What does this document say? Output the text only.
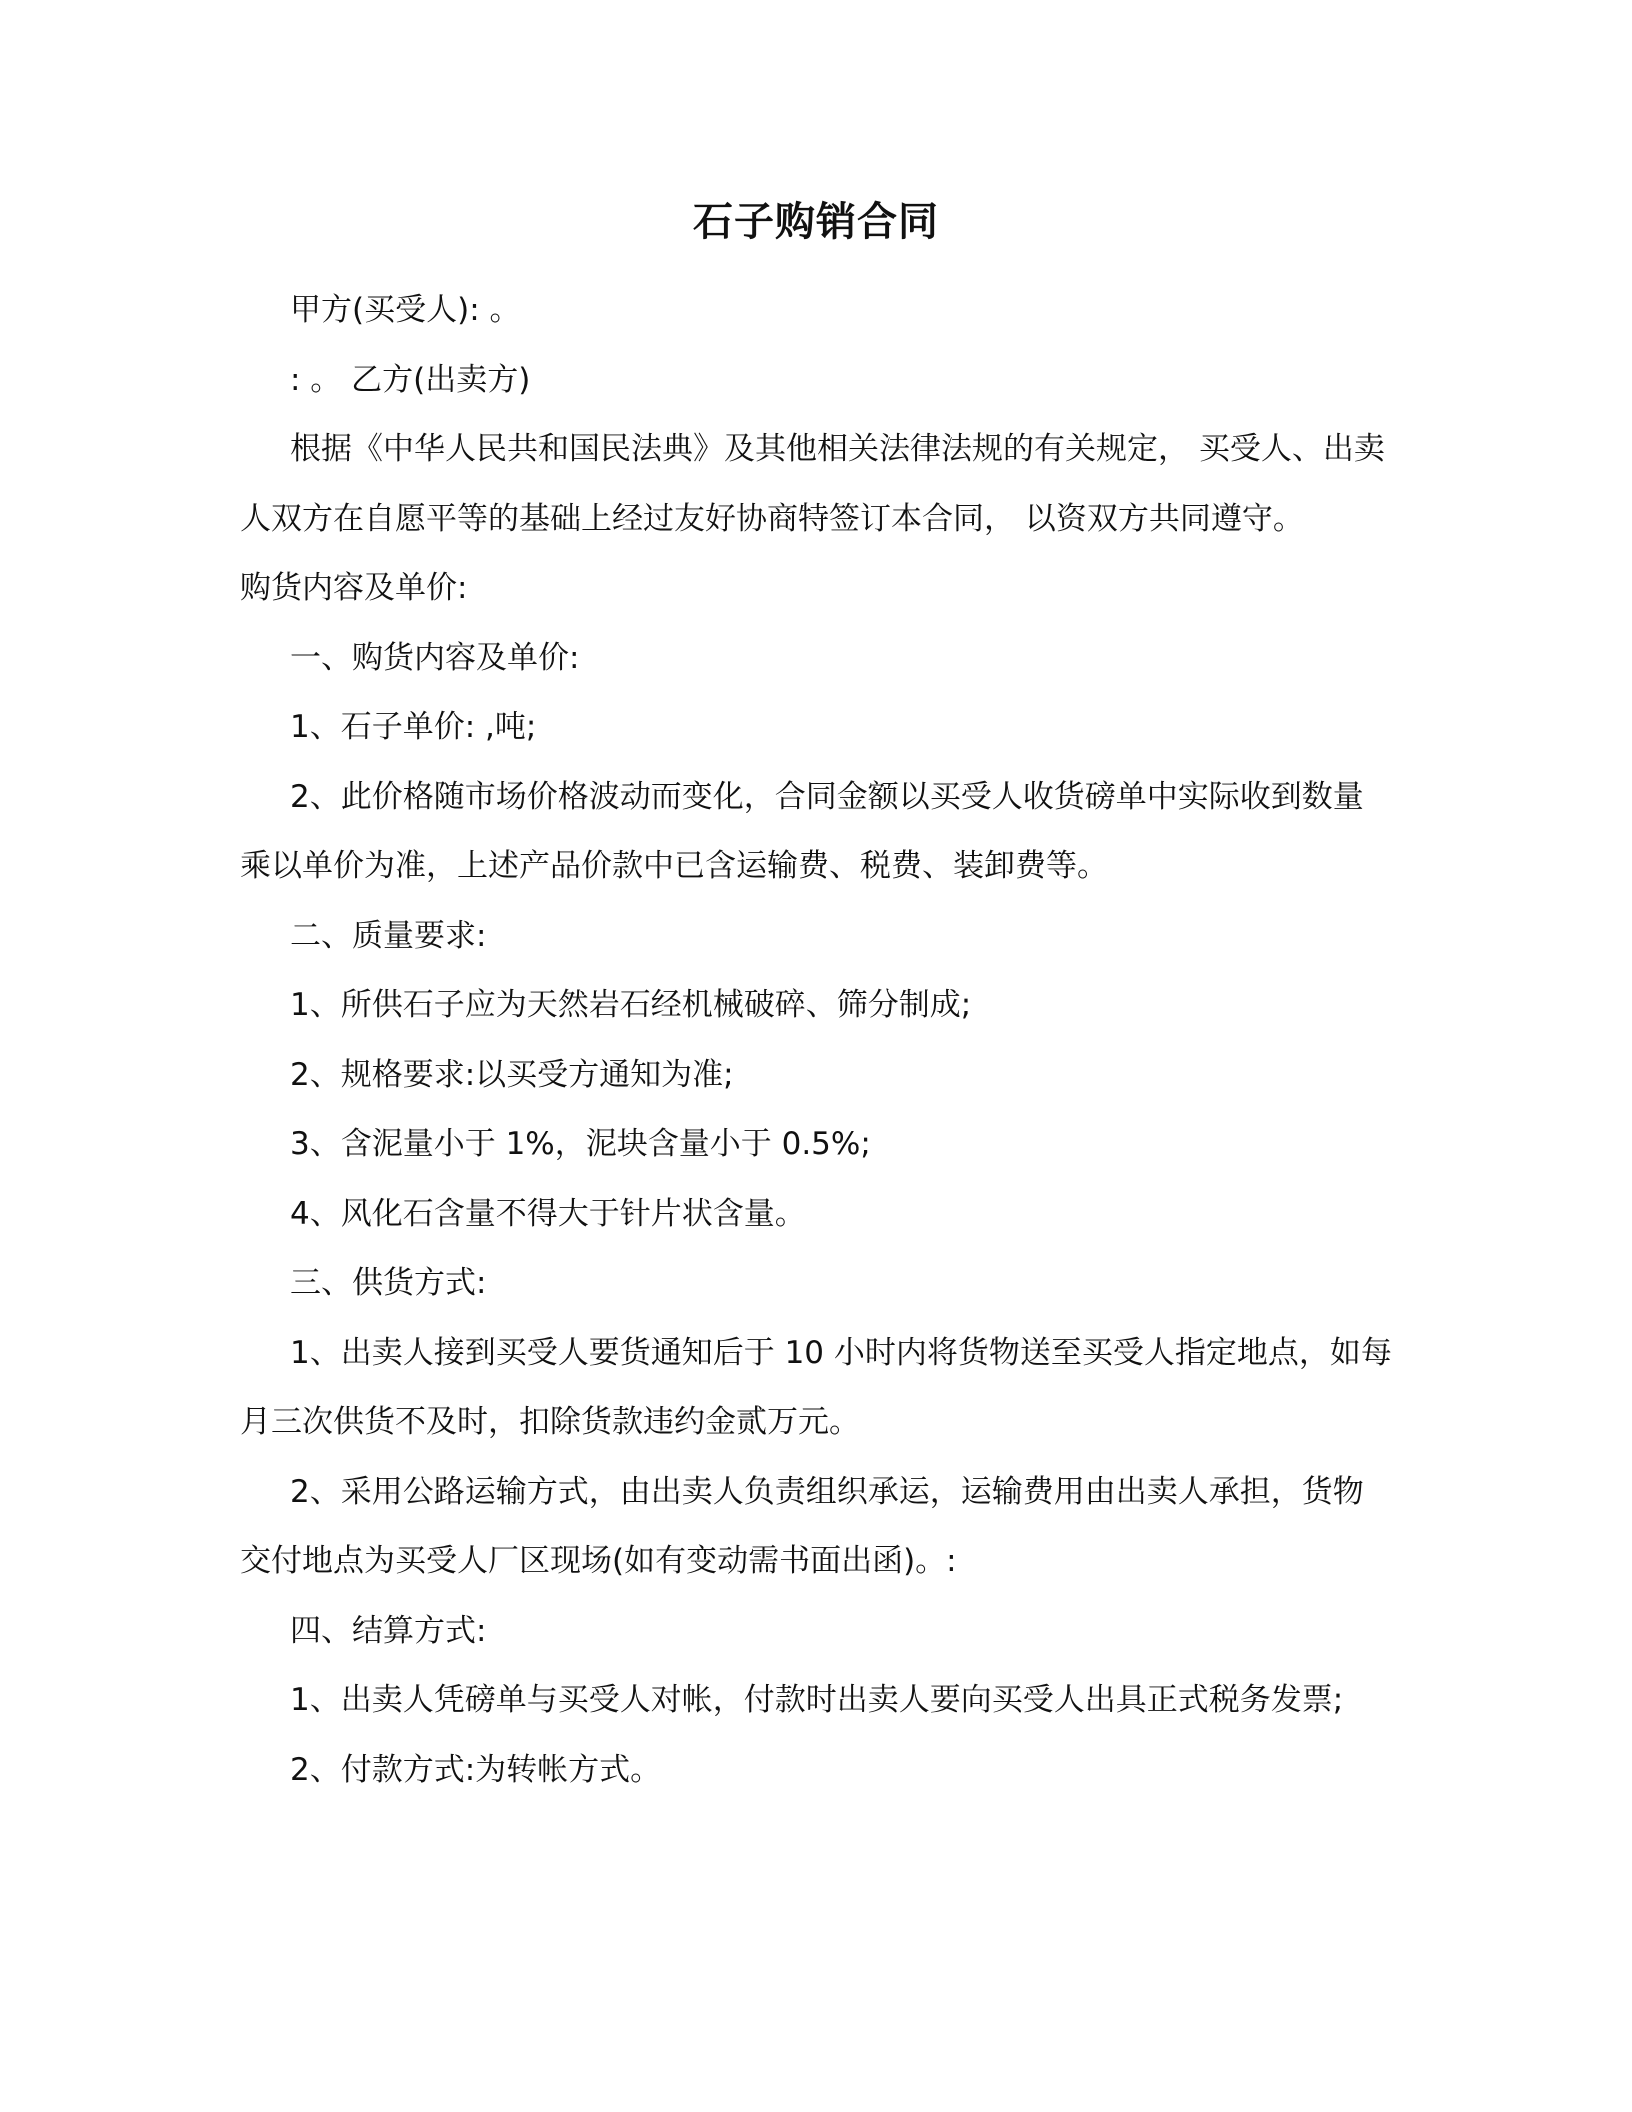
石子购销合同

甲方(买受人): 。

: 。 乙方(出卖方)

根据《中华人民共和国民法典》及其他相关法律法规的有关规定， 买受人、出卖人双方在自愿平等的基础上经过友好协商特签订本合同， 以资双方共同遵守。

购货内容及单价:

一、购货内容及单价:

1、石子单价: ,吨;

2、此价格随市场价格波动而变化，合同金额以买受人收货磅单中实际收到数量乘以单价为准，上述产品价款中已含运输费、税费、装卸费等。

二、质量要求:

1、所供石子应为天然岩石经机械破碎、筛分制成;

2、规格要求:以买受方通知为准;

3、含泥量小于 1%，泥块含量小于 0.5%;

4、风化石含量不得大于针片状含量。

三、供货方式:

1、出卖人接到买受人要货通知后于 10 小时内将货物送至买受人指定地点，如每月三次供货不及时，扣除货款违约金贰万元。

2、采用公路运输方式，由出卖人负责组织承运，运输费用由出卖人承担，货物交付地点为买受人厂区现场(如有变动需书面出函)。:

四、结算方式:

1、出卖人凭磅单与买受人对帐，付款时出卖人要向买受人出具正式税务发票;

2、付款方式:为转帐方式。
